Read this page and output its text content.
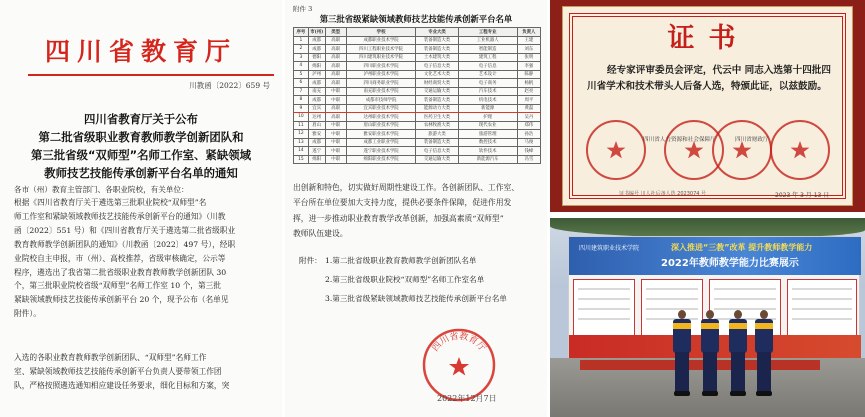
四川省教育厅
川教函〔2022〕659 号
四川省教育厅关于公布
第二批省级职业教育教师教学创新团队和
第三批省级“双师型”名师工作室、紧缺领域
教师技艺技能传承创新平台名单的通知
各市（州）教育主管部门、各职业院校，有关单位：
根据《四川省教育厅关于遴选第三批职业院校“双师型”名
师工作室和紧缺领域教师技艺技能传承创新平台的通知》（川教
函〔2022〕551 号）和《四川省教育厅关于遴选第二批省级职业
教育教师教学创新团队的通知》（川教函〔2022〕497 号），经职
业院校自主申报，市（州）、高校推荐，省级审核确定，公示等
程序，遴选出了我省第二批省级职业教育教师教学创新团队 30
个，第三批职业院校省级“双师型”名师工作室 10 个，第三批
紧缺领域教师技艺技能传承创新平台 20 个，现予公布（名单见
附件）。
入选的各职业教育教师教学创新团队、“双师型”名师工作
室、紧缺领域教师技艺技能传承创新平台负责人要带领工作团
队，严格按照遴选通知相应建设任务要求，细化目标和方案，突
附件 3
第三批省级紧缺领域教师技艺技能传承创新平台名单
序号	市(州)	类型	学校	专业大类	工程专业	负责人
1	成都	高职	成都职业技术学院	装备制造大类	工业机器人	王建
2	成都	高职	四川工程职业技术学院	装备制造大类	智能制造	刘东
3	德阳	高职	四川建筑职业技术学院	土木建筑大类	建筑工程	张明
4	绵阳	高职	四川职业技术学院	电子信息大类	电子信息	李强
5	泸州	高职	泸州职业技术学院	文化艺术大类	艺术设计	陈静
6	成都	高职	四川商务职业学院	财经商贸大类	电子商务	杨帆
7	南充	中职	南充职业技术学院	交通运输大类	汽车技术	赵亮
8	成都	中职	成都市技师学院	装备制造大类	机电技术	周平
9	宜宾	高职	宜宾职业技术学院	能源动力大类	新能源	黄磊
10	达州	高职	达州职业技术学院	医药卫生大类	护理	吴丹
11	眉山	中职	眉山职业技术学院	农林牧渔大类	现代农业	郑伟
12	雅安	中职	雅安职业技术学院	旅游大类	旅游管理	孙浩
13	成都	中职	成都工业职业学院	装备制造大类	数控技术	马俊
14	遂宁	中职	遂宁职业技术学院	电子信息大类	软件技术	钱峰
15	绵阳	中职	绵阳职业技术学院	交通运输大类	新能源汽车	冯雪
出创新和特色，切实做好周期性建设工作。各创新团队、工作室、
平台所在单位要加大支持力度，提供必要条件保障，促进作用发
挥，进一步推动职业教育教学改革创新，加强高素质“双师型”
教师队伍建设。
附件： 1.第二批省级职业教育教师教学创新团队名单
2.第三批省级职业院校“双师型”名师工作室名单
3.第三批省级紧缺领域教师技艺技能传承创新平台名单
四川省教育厅
2022年12月7日
证书
经专家评审委员会评定，代云中 同志入选第十四批四川省学术和技术带头人后备人选，特颁此证，以兹鼓励。
四川省人力资源和社会保障厅	四川省财政厅
证书编号 川人社后备人选 2023074 号	2023 年 3 月 13 日
四川建筑职业技术学院	深入推进“三教”改革 提升教师教学能力
2022年教师教学能力比赛展示
